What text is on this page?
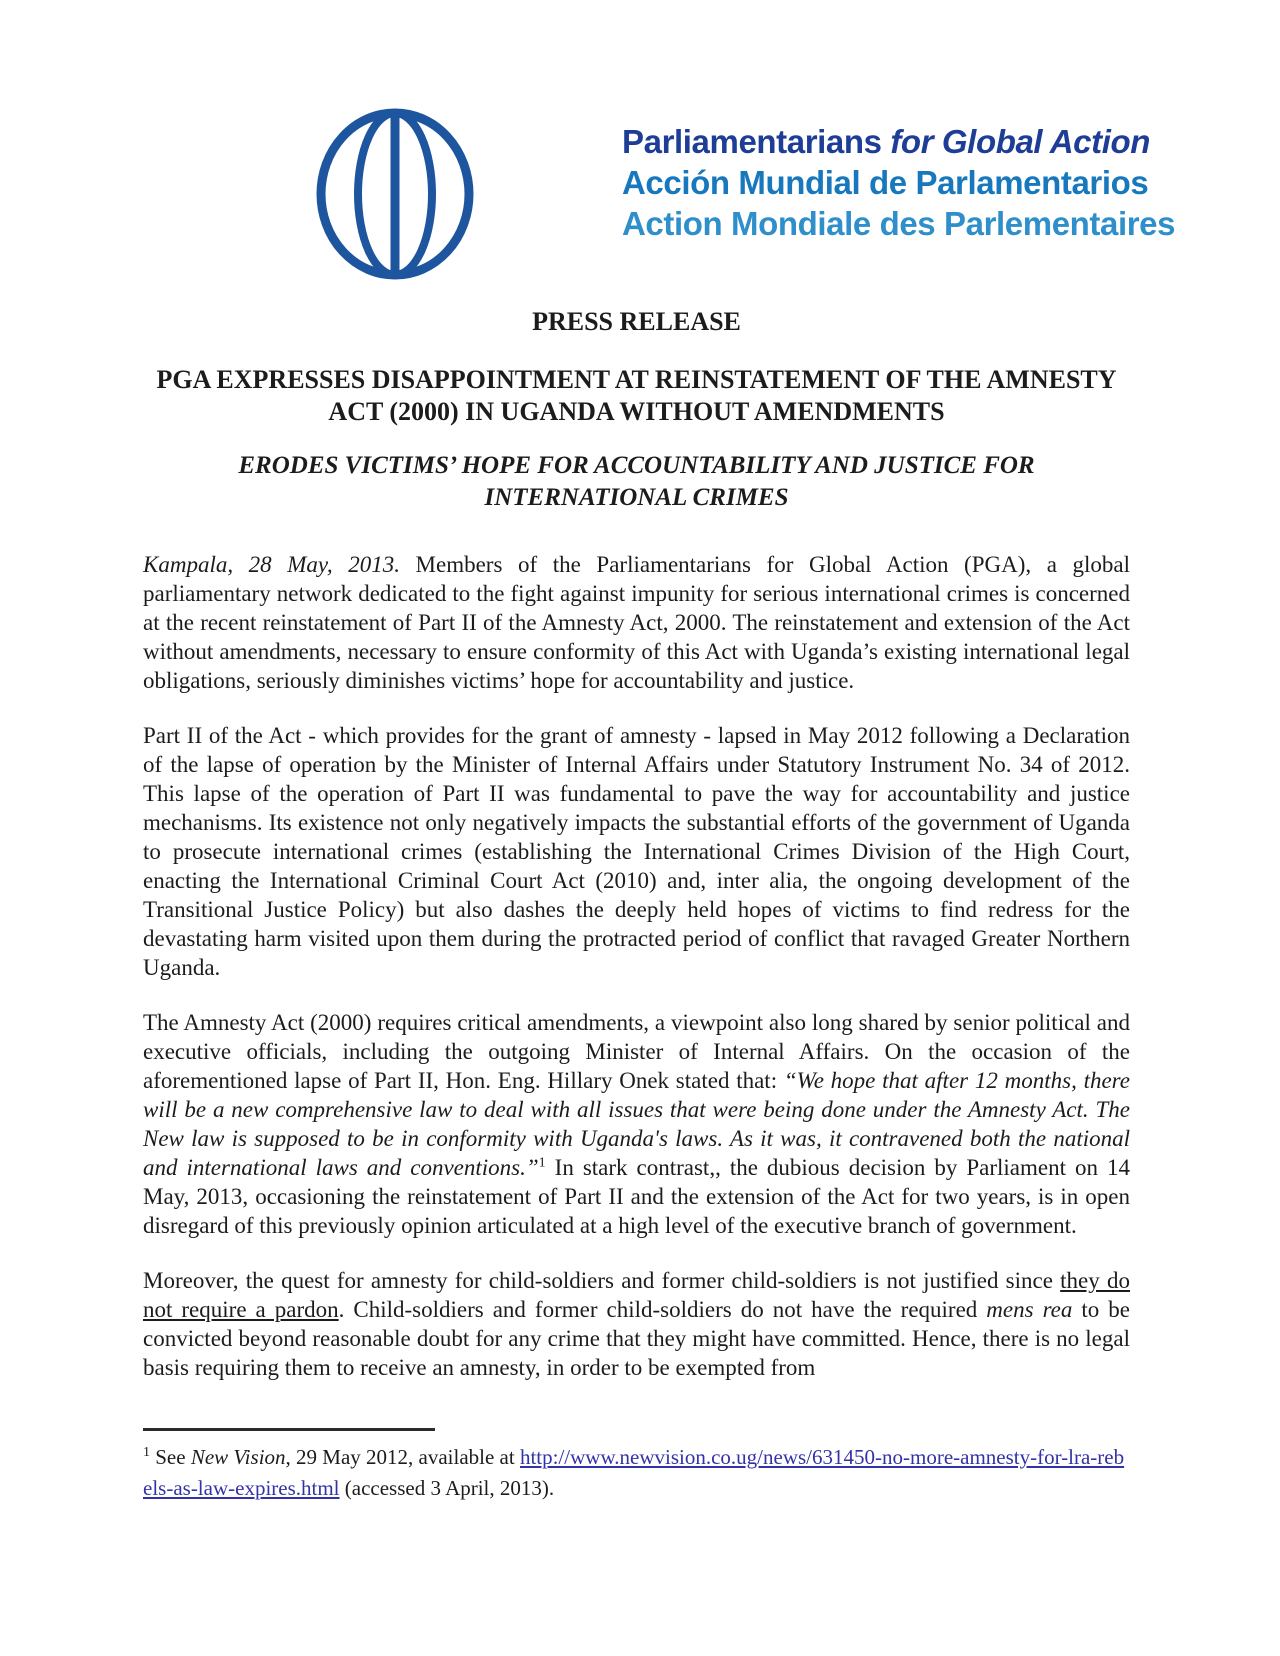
Parliamentarians for Global Action
Acción Mundial de Parlamentarios
Action Mondiale des Parlementaires
PRESS RELEASE
PGA EXPRESSES DISAPPOINTMENT AT REINSTATEMENT OF THE AMNESTY
ACT (2000) IN UGANDA WITHOUT AMENDMENTS
ERODES VICTIMS’ HOPE FOR ACCOUNTABILITY AND JUSTICE FOR
INTERNATIONAL CRIMES

Kampala, 28 May, 2013. Members of the Parliamentarians for Global Action (PGA), a global parliamentary network dedicated to the fight against impunity for serious international crimes is concerned at the recent reinstatement of Part II of the Amnesty Act, 2000. The reinstatement and extension of the Act without amendments, necessary to ensure conformity of this Act with Uganda’s existing international legal obligations, seriously diminishes victims’ hope for accountability and justice.

Part II of the Act - which provides for the grant of amnesty - lapsed in May 2012 following a Declaration of the lapse of operation by the Minister of Internal Affairs under Statutory Instrument No. 34 of 2012. This lapse of the operation of Part II was fundamental to pave the way for accountability and justice mechanisms. Its existence not only negatively impacts the substantial efforts of the government of Uganda to prosecute international crimes (establishing the International Crimes Division of the High Court, enacting the International Criminal Court Act (2010) and, inter alia, the ongoing development of the Transitional Justice Policy) but also dashes the deeply held hopes of victims to find redress for the devastating harm visited upon them during the protracted period of conflict that ravaged Greater Northern Uganda.

The Amnesty Act (2000) requires critical amendments, a viewpoint also long shared by senior political and executive officials, including the outgoing Minister of Internal Affairs. On the occasion of the aforementioned lapse of Part II, Hon. Eng. Hillary Onek stated that: “We hope that after 12 months, there will be a new comprehensive law to deal with all issues that were being done under the Amnesty Act. The New law is supposed to be in conformity with Uganda's laws. As it was, it contravened both the national and international laws and conventions.”$^1$ In stark contrast,, the dubious decision by Parliament on 14 May, 2013, occasioning the reinstatement of Part II and the extension of the Act for two years, is in open disregard of this previously opinion articulated at a high level of the executive branch of government.

Moreover, the quest for amnesty for child-soldiers and former child-soldiers is not justified since they do not require a pardon. Child-soldiers and former child-soldiers do not have the required mens rea to be convicted beyond reasonable doubt for any crime that they might have committed. Hence, there is no legal basis requiring them to receive an amnesty, in order to be exempted from

$^1$ See New Vision, 29 May 2012, available at http://www.newvision.co.ug/news/631450-no-more-amnesty-for-lra-rebels-as-law-expires.html (accessed 3 April, 2013).
